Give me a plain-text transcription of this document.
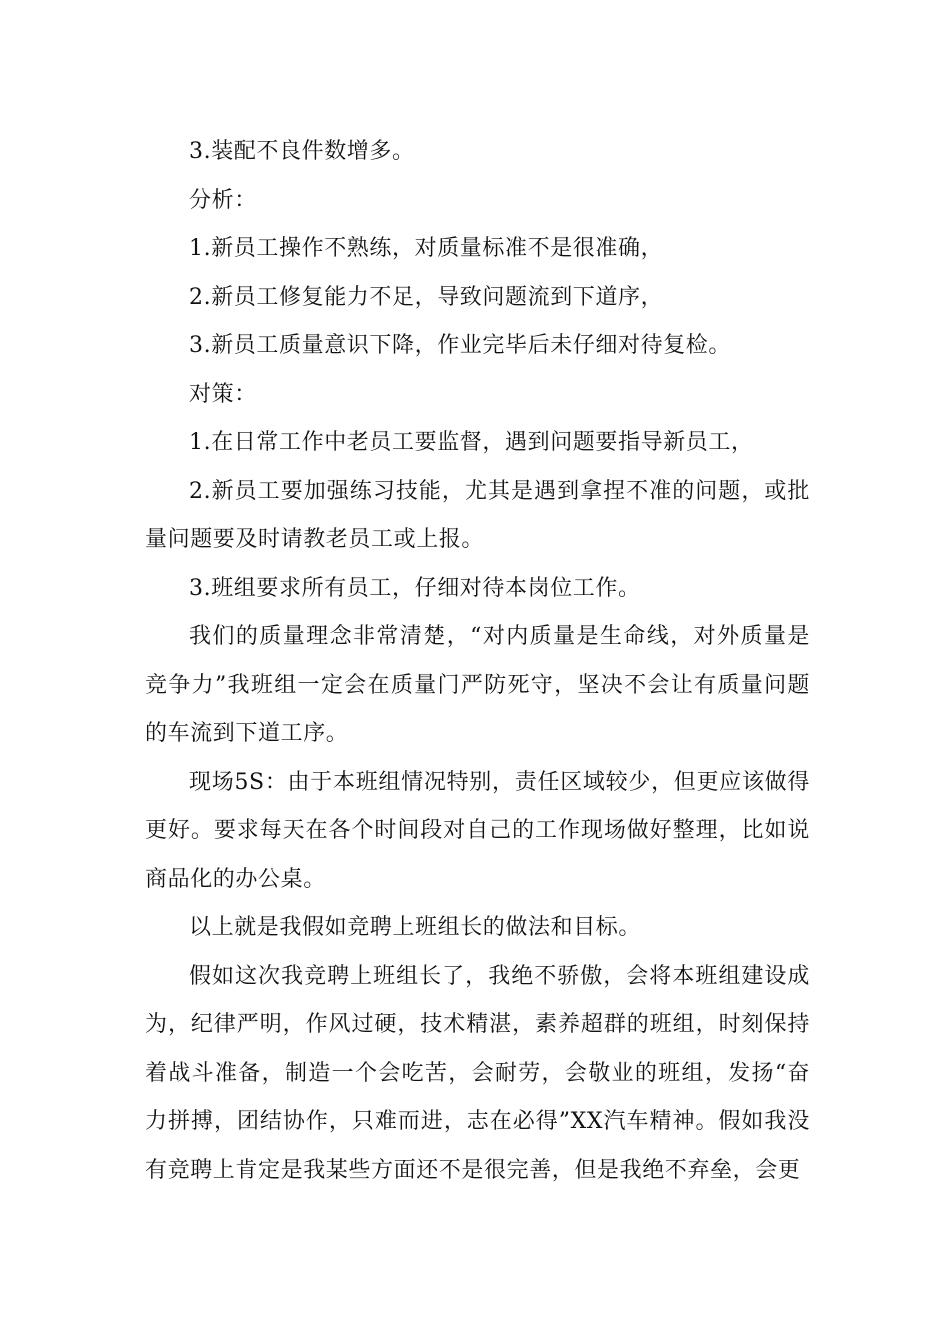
3.装配不良件数增多。

分析：

1.新员工操作不熟练，对质量标准不是很准确，

2.新员工修复能力不足，导致问题流到下道序，

3.新员工质量意识下降，作业完毕后未仔细对待复检。

对策：

1.在日常工作中老员工要监督，遇到问题要指导新员工，

2.新员工要加强练习技能，尤其是遇到拿捏不准的问题，或批量问题要及时请教老员工或上报。

3.班组要求所有员工，仔细对待本岗位工作。

我们的质量理念非常清楚，“对内质量是生命线，对外质量是竞争力”我班组一定会在质量门严防死守，坚决不会让有质量问题的车流到下道工序。

现场5S：由于本班组情况特别，责任区域较少，但更应该做得更好。要求每天在各个时间段对自己的工作现场做好整理，比如说商品化的办公桌。

以上就是我假如竞聘上班组长的做法和目标。

假如这次我竞聘上班组长了，我绝不骄傲，会将本班组建设成为，纪律严明，作风过硬，技术精湛，素养超群的班组，时刻保持着战斗准备，制造一个会吃苦，会耐劳，会敬业的班组，发扬“奋力拼搏，团结协作，只难而进，志在必得”XX汽车精神。假如我没有竞聘上肯定是我某些方面还不是很完善，但是我绝不弃垒，会更
